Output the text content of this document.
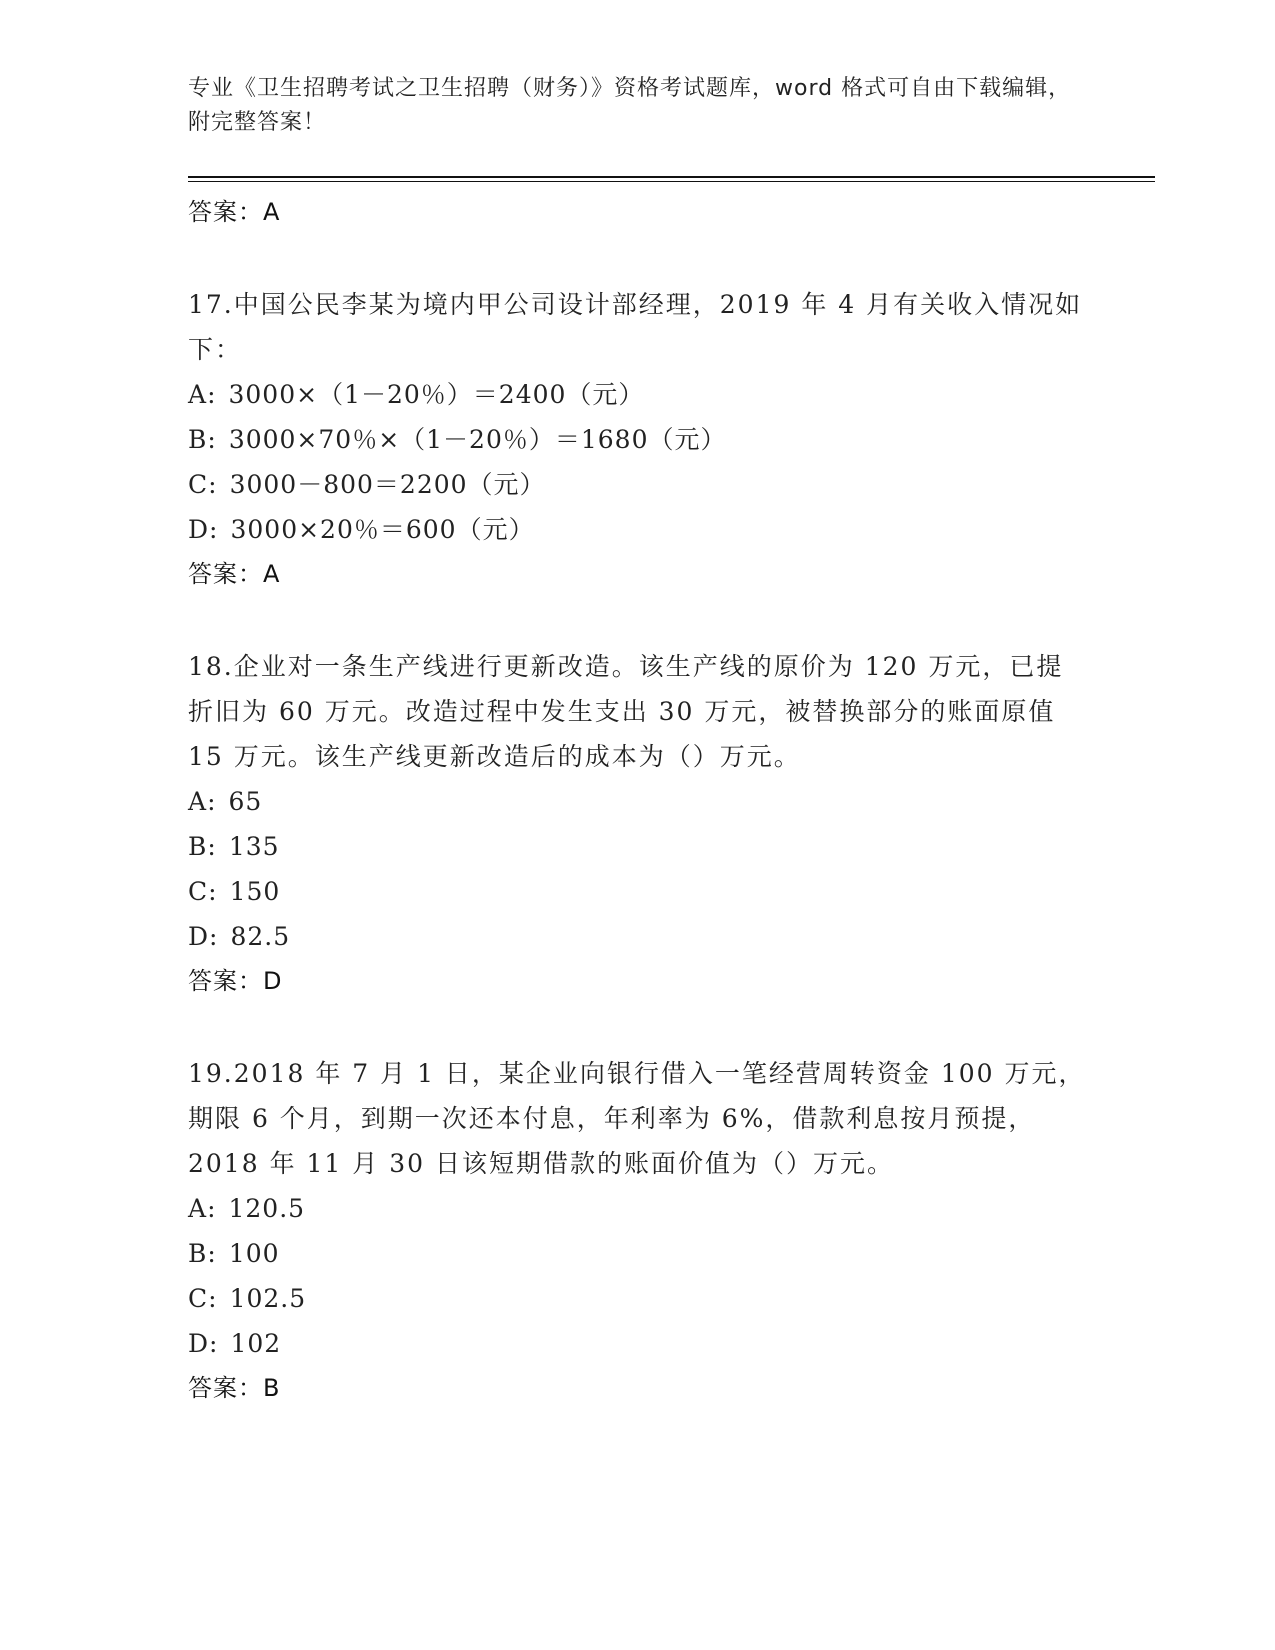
专业《卫生招聘考试之卫生招聘（财务）》资格考试题库，word 格式可自由下载编辑，附完整答案！
答案：A
17.中国公民李某为境内甲公司设计部经理，2019 年 4 月有关收入情况如下：
A: 3000×（1－20％）＝2400（元）
B: 3000×70％×（1－20％）＝1680（元）
C: 3000－800＝2200（元）
D: 3000×20％＝600（元）
答案：A
18.企业对一条生产线进行更新改造。该生产线的原价为 120 万元，已提折旧为 60 万元。改造过程中发生支出 30 万元，被替换部分的账面原值 15 万元。该生产线更新改造后的成本为（）万元。
A: 65
B: 135
C: 150
D: 82.5
答案：D
19.2018 年 7 月 1 日，某企业向银行借入一笔经营周转资金 100 万元，期限 6 个月，到期一次还本付息，年利率为 6%，借款利息按月预提，2018 年 11 月 30 日该短期借款的账面价值为（）万元。
A: 120.5
B: 100
C: 102.5
D: 102
答案：B
